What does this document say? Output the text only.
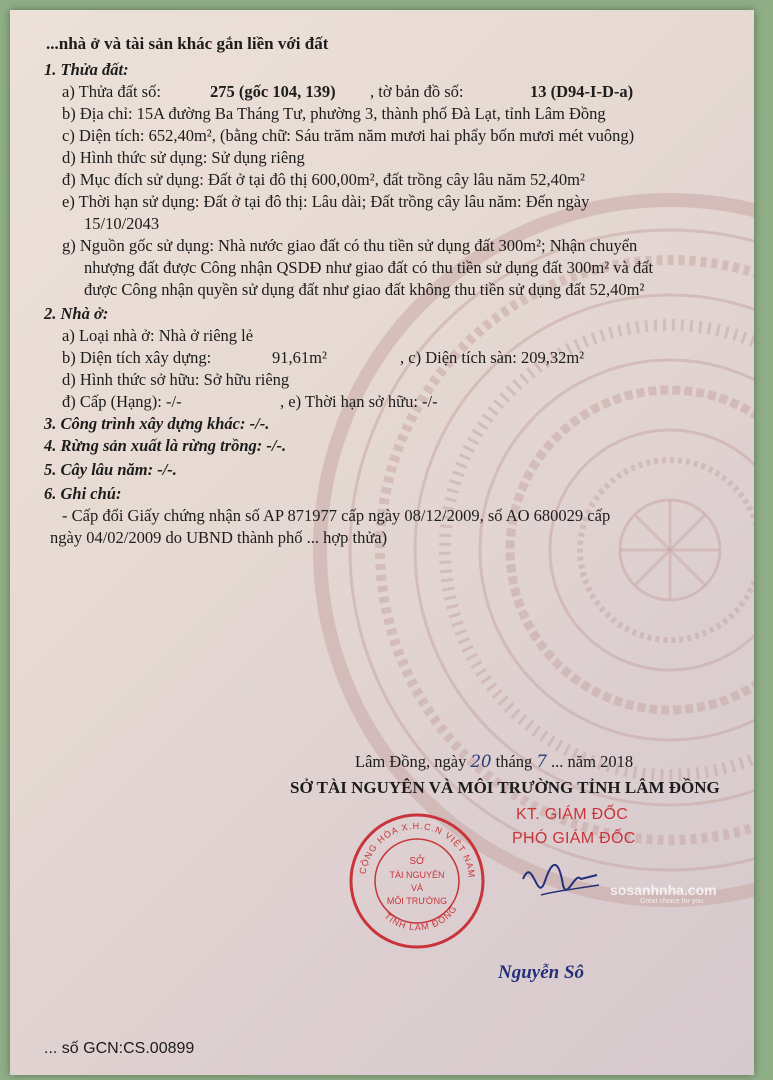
...nhà ở và tài sản khác gắn liền với đất
1. Thửa đất:
a) Thửa đất số:	275 (gốc 104, 139) , tờ bản đồ số:	13 (D94-I-D-a)
b) Địa chỉ: 15A đường Ba Tháng Tư, phường 3, thành phố Đà Lạt, tỉnh Lâm Đồng
c) Diện tích: 652,40m², (bằng chữ: Sáu trăm năm mươi hai phẩy bốn mươi mét vuông)
d) Hình thức sử dụng: Sử dụng riêng
đ) Mục đích sử dụng: Đất ở tại đô thị 600,00m², đất trồng cây lâu năm 52,40m²
e) Thời hạn sử dụng: Đất ở tại đô thị: Lâu dài; Đất trồng cây lâu năm: Đến ngày
15/10/2043
g) Nguồn gốc sử dụng: Nhà nước giao đất có thu tiền sử dụng đất 300m²; Nhận chuyển
nhượng đất được Công nhận QSDĐ như giao đất có thu tiền sử dụng đất 300m² và đất
được Công nhận quyền sử dụng đất như giao đất không thu tiền sử dụng đất 52,40m²
2. Nhà ở:
a) Loại nhà ở: Nhà ở riêng lẻ
b) Diện tích xây dựng:	91,61m²	, c) Diện tích sàn: 209,32m²
d) Hình thức sở hữu: Sở hữu riêng
đ) Cấp (Hạng): -/-	, e) Thời hạn sở hữu: -/-
3. Công trình xây dựng khác: -/-.
4. Rừng sản xuất là rừng trồng: -/-.
5. Cây lâu năm: -/-.
6. Ghi chú:
- Cấp đổi Giấy chứng nhận số AP 871977 cấp ngày 08/12/2009, số AO 680029 cấp
ngày 04/02/2009 do UBND thành phố ... hợp thửa)
Lâm Đồng, ngày 20 tháng 7 ... năm 2018
SỞ TÀI NGUYÊN VÀ MÔI TRƯỜNG TỈNH LÂM ĐỒNG
KT. GIÁM ĐỐC
PHÓ GIÁM ĐỐC
CỘNG HÒA X.H.C.N VIỆT NAM
TỈNH LÂM ĐỒNG
SỞ
TÀI NGUYÊN
VÀ
MÔI TRƯỜNG
Nguyễn Sô
sosanhnha.com
Great choice for you
... số GCN:CS.00899
